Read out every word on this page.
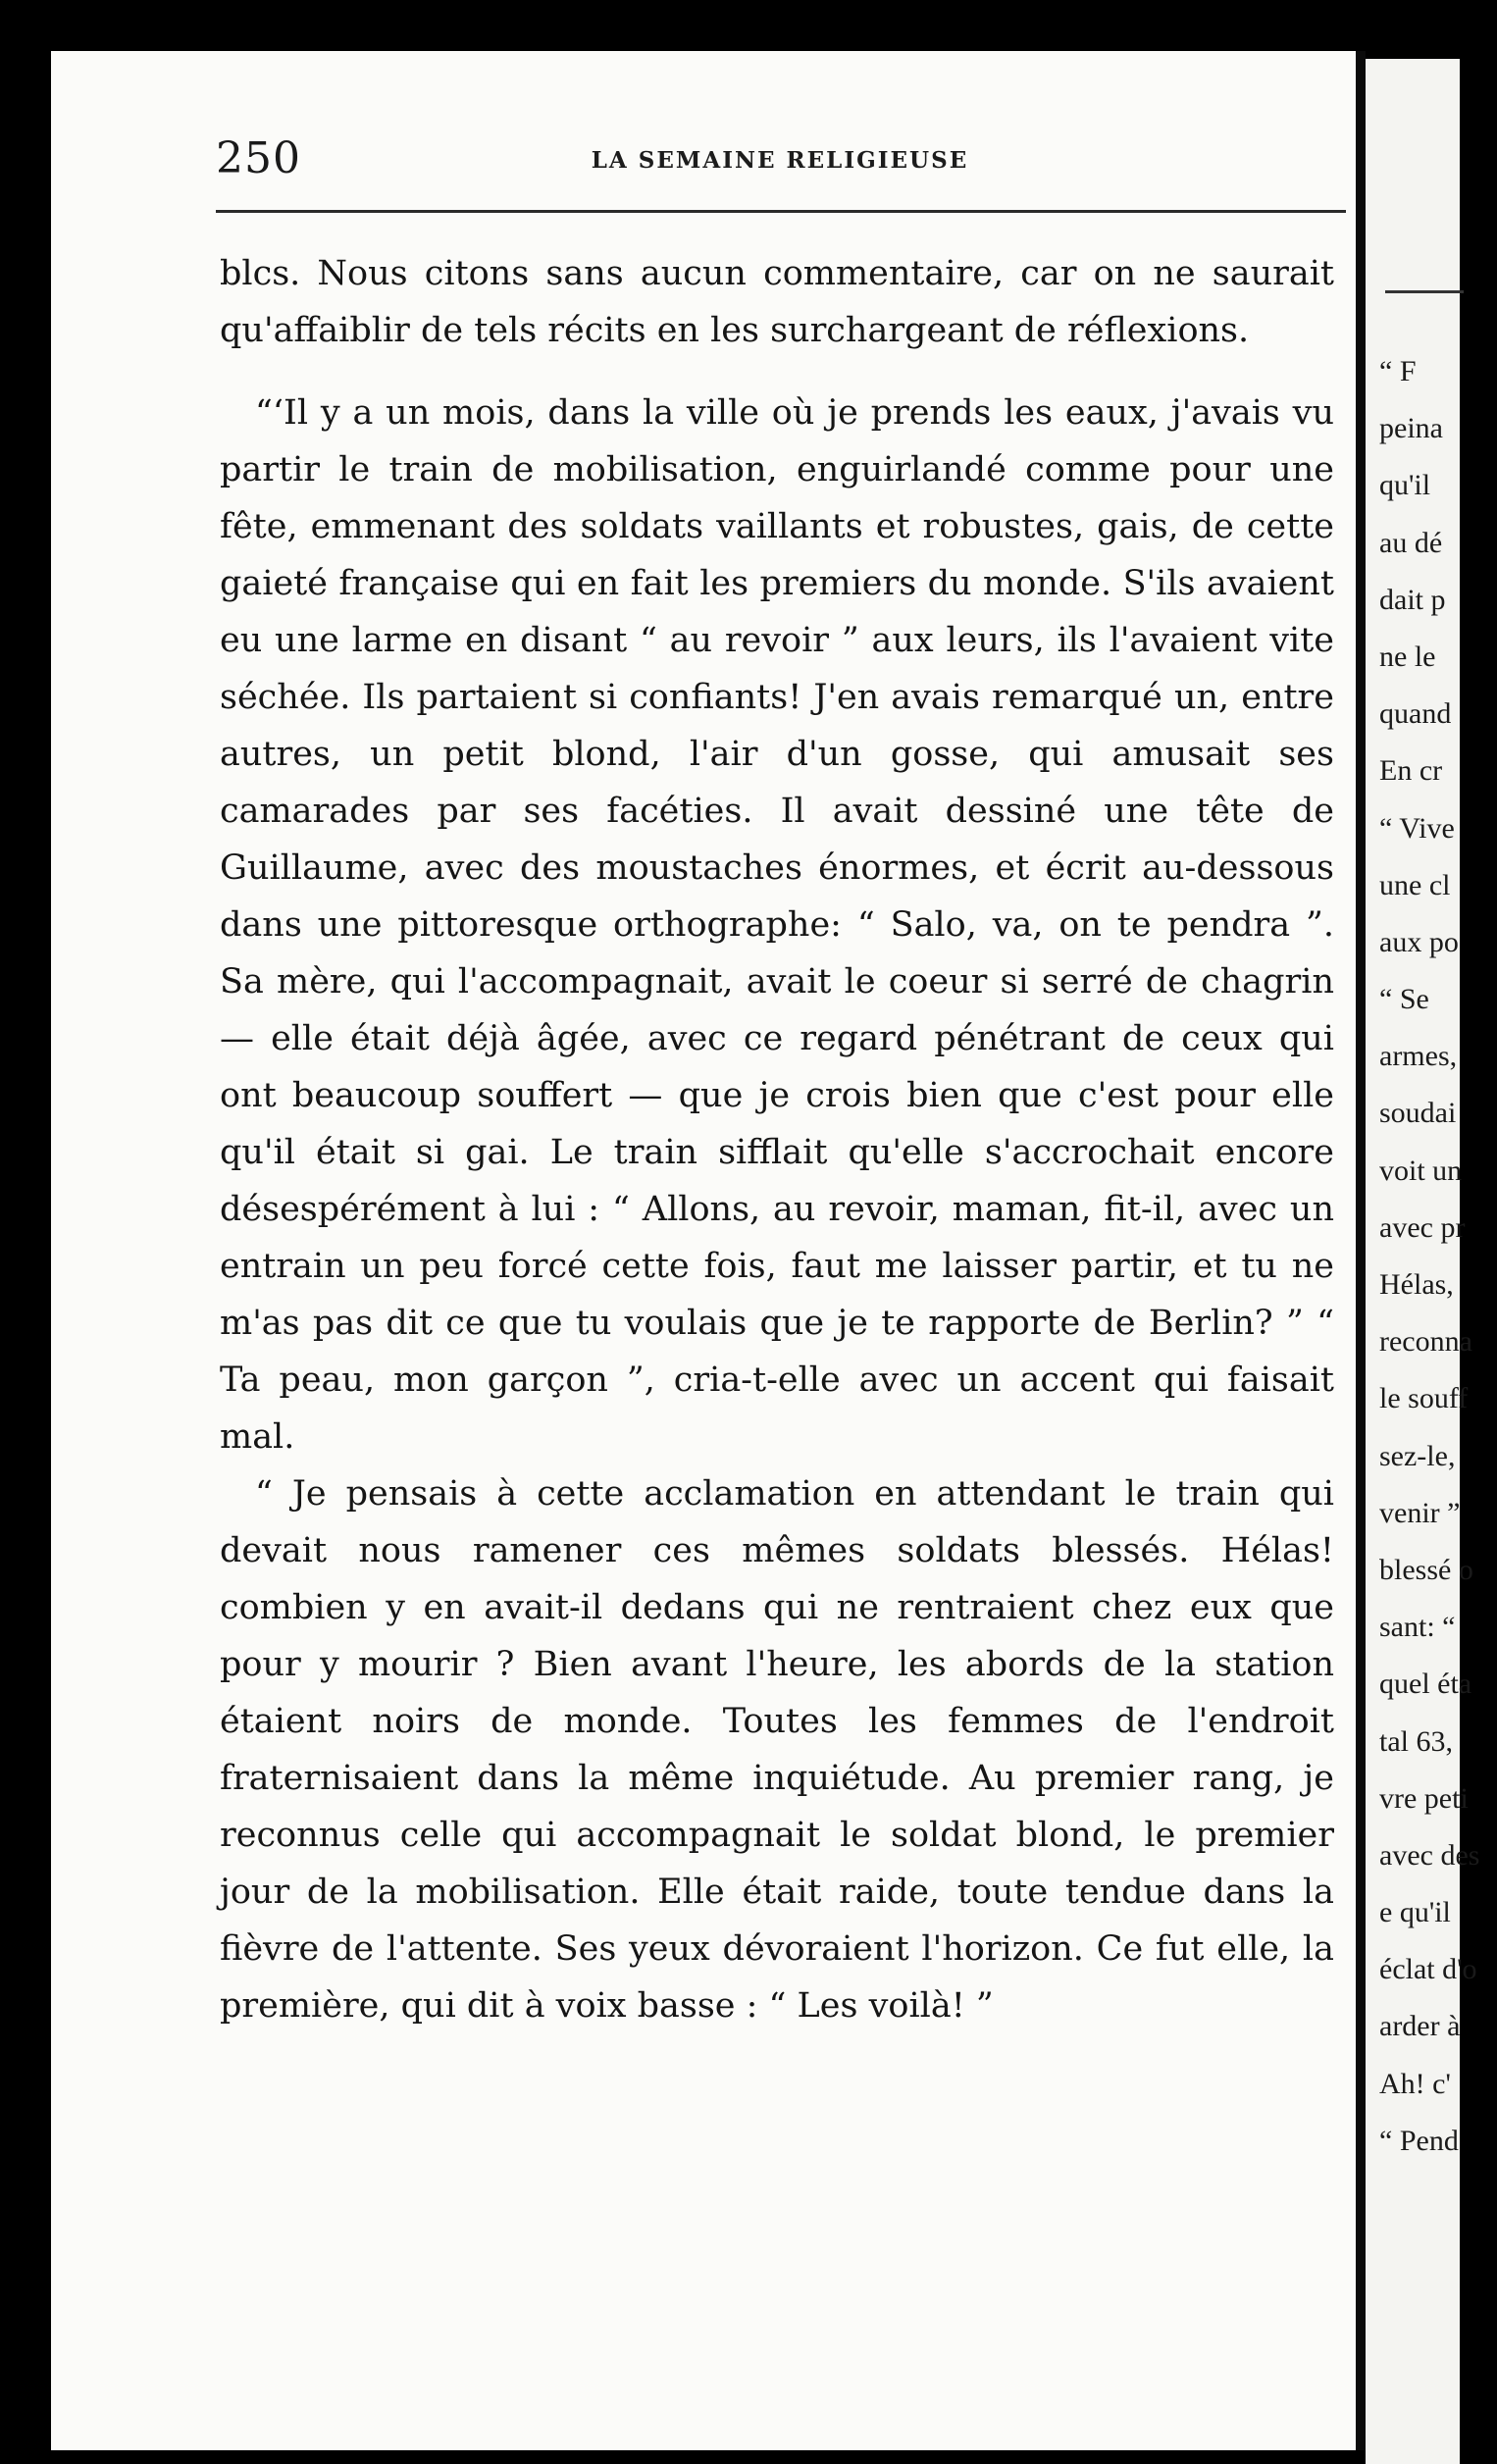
250	LA SEMAINE RELIGIEUSE

blcs. Nous citons sans aucun commentaire, car on ne saurait qu'affaiblir de tels récits en les surchargeant de réflexions.

“‘Il y a un mois, dans la ville où je prends les eaux, j'avais vu partir le train de mobilisation, enguirlandé comme pour une fête, emmenant des soldats vaillants et robustes, gais, de cette gaieté française qui en fait les premiers du monde. S'ils avaient eu une larme en disant “ au revoir ” aux leurs, ils l'avaient vite séchée. Ils partaient si confiants! J'en avais remarqué un, entre autres, un petit blond, l'air d'un gosse, qui amusait ses camarades par ses facéties. Il avait dessiné une tête de Guillaume, avec des moustaches énormes, et écrit au-dessous dans une pittoresque orthographe: “ Salo, va, on te pendra ”. Sa mère, qui l'accompagnait, avait le coeur si serré de chagrin — elle était déjà âgée, avec ce regard pénétrant de ceux qui ont beaucoup souffert — que je crois bien que c'est pour elle qu'il était si gai. Le train sifflait qu'elle s'accrochait encore désespérément à lui : “ Allons, au revoir, maman, fit-il, avec un entrain un peu forcé cette fois, faut me laisser partir, et tu ne m'as pas dit ce que tu voulais que je te rapporte de Berlin? ” “ Ta peau, mon garçon ”, cria-t-elle avec un accent qui faisait mal.

“ Je pensais à cette acclamation en attendant le train qui devait nous ramener ces mêmes soldats blessés. Hélas! combien y en avait-il dedans qui ne rentraient chez eux que pour y mourir ? Bien avant l'heure, les abords de la station étaient noirs de monde. Toutes les femmes de l'endroit fraternisaient dans la même inquiétude. Au premier rang, je reconnus celle qui accompagnait le soldat blond, le premier jour de la mobilisation. Elle était raide, toute tendue dans la fièvre de l'attente. Ses yeux dévoraient l'horizon. Ce fut elle, la première, qui dit à voix basse : “ Les voilà! ”

“ F
peina
qu'il
au dé
dait p
ne le
quand
En cr
“ Vive
une cl
aux po
“ Se
armes,
soudai
voit un
avec pr
Hélas,
reconna
le souff
sez-le,
venir ”
blessé o
sant: “
quel éta
tal 63,
vre peti
avec des
e qu'il
éclat d'o
arder à
Ah! c'
“ Pend
